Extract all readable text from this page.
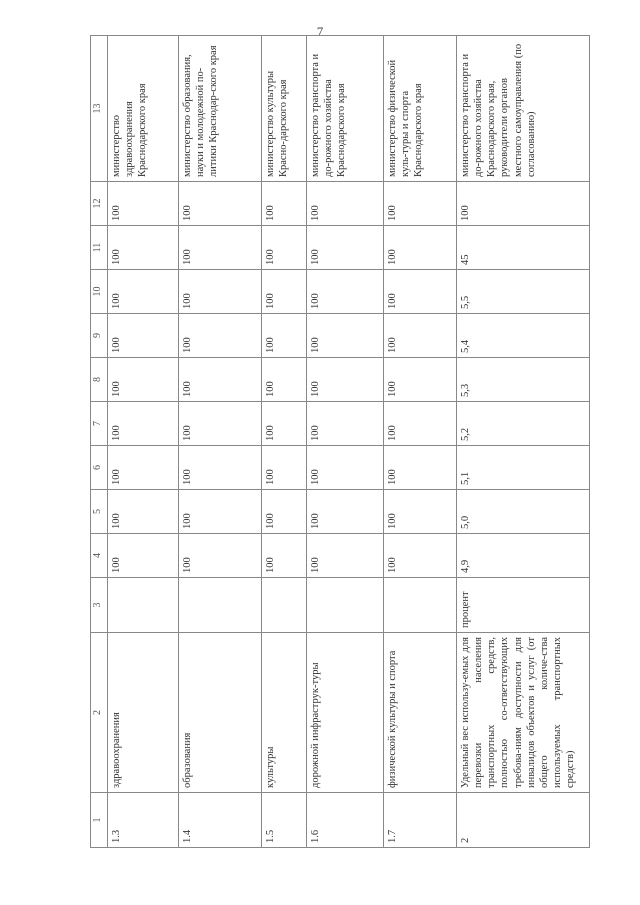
7
1	2	3	4	5	6	7	8	9	10	11	12	13
1.3	здравоохранения		100	100	100	100	100	100	100	100	100	министерство здравоохранения Краснодарского края
1.4	образования		100	100	100	100	100	100	100	100	100	министерство образования, науки и молодежной по-литики Краснодар-ского края
1.5	культуры		100	100	100	100	100	100	100	100	100	министерство культуры Красно-дарского края
1.6	дорожной инфраструк-туры		100	100	100	100	100	100	100	100	100	министерство транспорта и до-рожного хозяйства Краснодарского края
1.7	физической культуры и спорта		100	100	100	100	100	100	100	100	100	министерство физической куль-туры и спорта Краснодарского края
2	Удельный вес использу-емых для перевозки населения транспортных средств, полностью со-ответствующих требова-ниям доступности для инвалидов объектов и услуг (от общего количе-ства используемых транспортных средств)	процент	4,9	5,0	5,1	5,2	5,3	5,4	5,5	45	100	министерство транспорта и до-рожного хозяйства Краснодарского края, руководители органов местного самоуправления (по согласованию)
